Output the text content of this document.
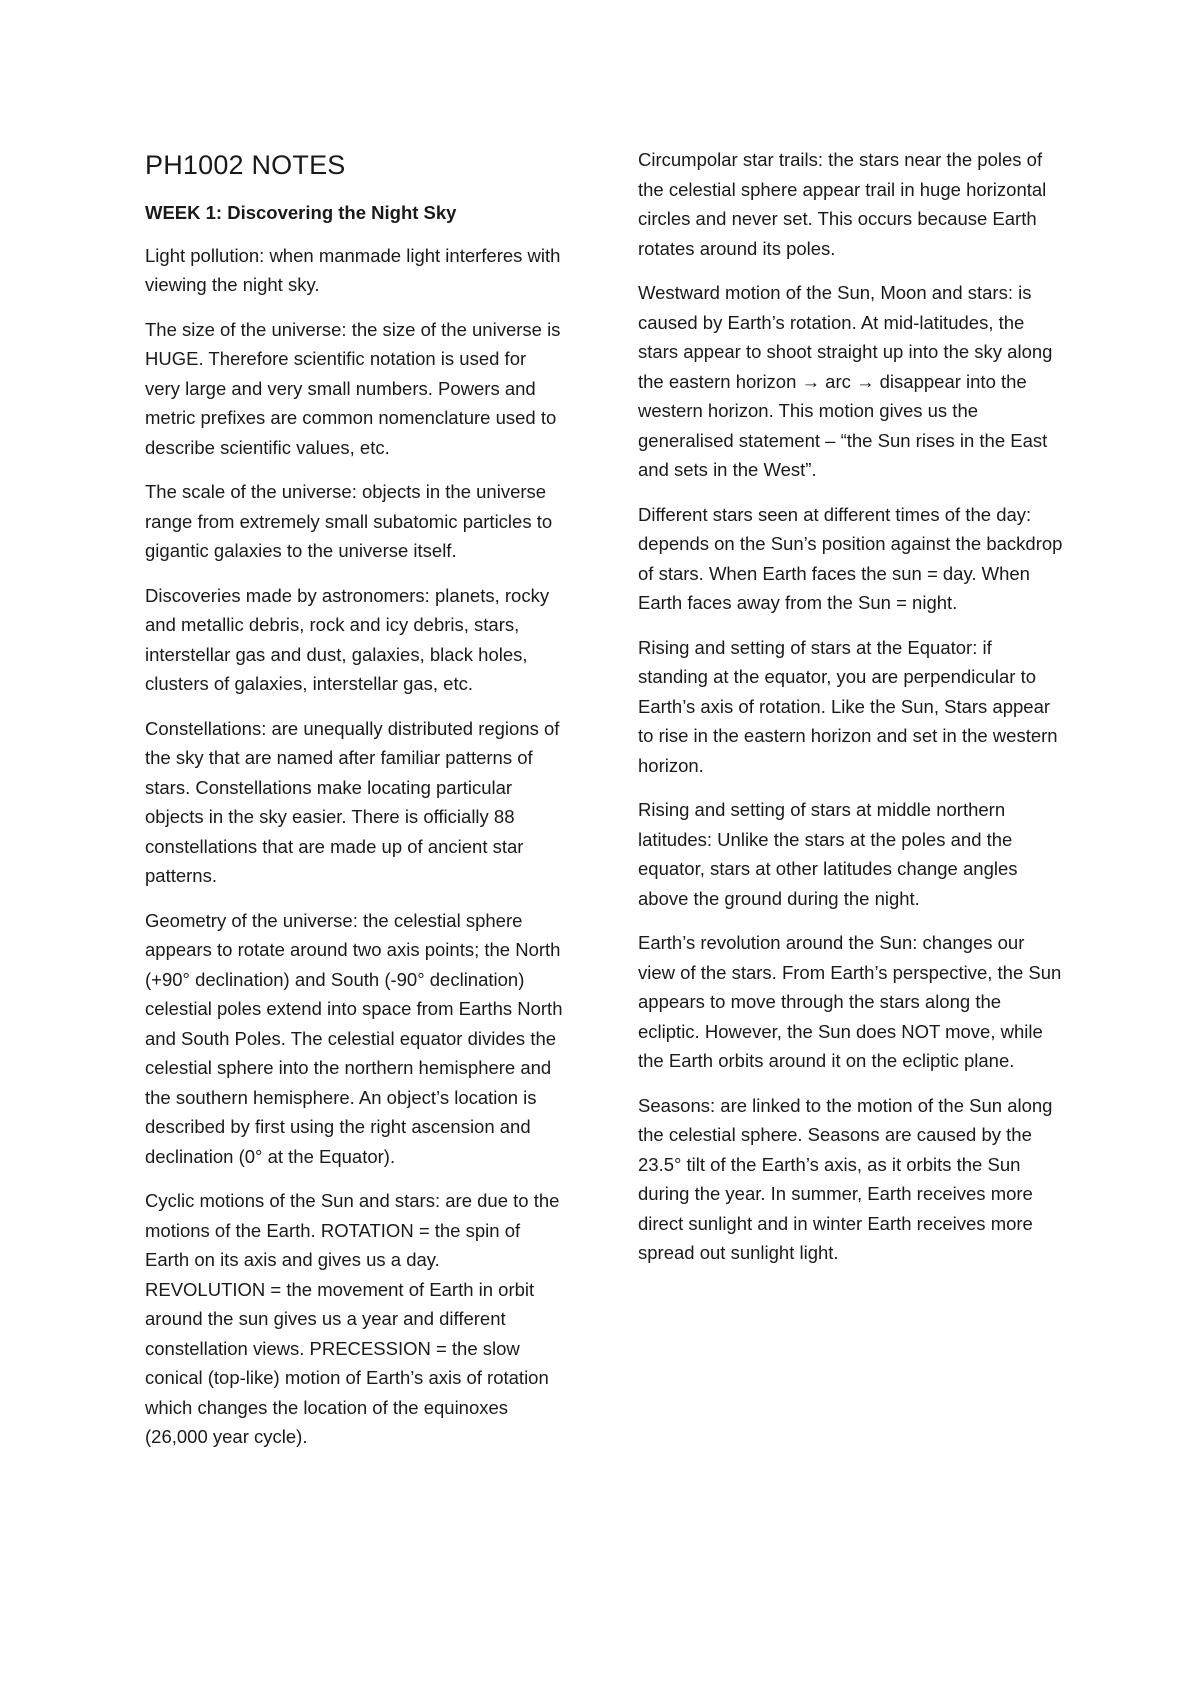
PH1002 NOTES

WEEK 1: Discovering the Night Sky

Light pollution: when manmade light interferes with viewing the night sky.

The size of the universe: the size of the universe is HUGE. Therefore scientific notation is used for very large and very small numbers. Powers and metric prefixes are common nomenclature used to describe scientific values, etc.

The scale of the universe: objects in the universe range from extremely small subatomic particles to gigantic galaxies to the universe itself.

Discoveries made by astronomers: planets, rocky and metallic debris, rock and icy debris, stars, interstellar gas and dust, galaxies, black holes, clusters of galaxies, interstellar gas, etc.

Constellations: are unequally distributed regions of the sky that are named after familiar patterns of stars. Constellations make locating particular objects in the sky easier. There is officially 88 constellations that are made up of ancient star patterns.

Geometry of the universe: the celestial sphere appears to rotate around two axis points; the North (+90° declination) and South (-90° declination) celestial poles extend into space from Earths North and South Poles. The celestial equator divides the celestial sphere into the northern hemisphere and the southern hemisphere. An object’s location is described by first using the right ascension and declination (0° at the Equator).

Cyclic motions of the Sun and stars: are due to the motions of the Earth. ROTATION = the spin of Earth on its axis and gives us a day. REVOLUTION = the movement of Earth in orbit around the sun gives us a year and different constellation views. PRECESSION = the slow conical (top-like) motion of Earth’s axis of rotation which changes the location of the equinoxes (26,000 year cycle).

Circumpolar star trails: the stars near the poles of the celestial sphere appear trail in huge horizontal circles and never set. This occurs because Earth rotates around its poles.

Westward motion of the Sun, Moon and stars: is caused by Earth’s rotation. At mid-latitudes, the stars appear to shoot straight up into the sky along the eastern horizon → arc → disappear into the western horizon. This motion gives us the generalised statement – “the Sun rises in the East and sets in the West”.

Different stars seen at different times of the day: depends on the Sun’s position against the backdrop of stars. When Earth faces the sun = day. When Earth faces away from the Sun = night.

Rising and setting of stars at the Equator: if standing at the equator, you are perpendicular to Earth’s axis of rotation. Like the Sun, Stars appear to rise in the eastern horizon and set in the western horizon.

Rising and setting of stars at middle northern latitudes: Unlike the stars at the poles and the equator, stars at other latitudes change angles above the ground during the night.

Earth’s revolution around the Sun: changes our view of the stars. From Earth’s perspective, the Sun appears to move through the stars along the ecliptic. However, the Sun does NOT move, while the Earth orbits around it on the ecliptic plane.

Seasons: are linked to the motion of the Sun along the celestial sphere. Seasons are caused by the 23.5° tilt of the Earth’s axis, as it orbits the Sun during the year. In summer, Earth receives more direct sunlight and in winter Earth receives more spread out sunlight light.
